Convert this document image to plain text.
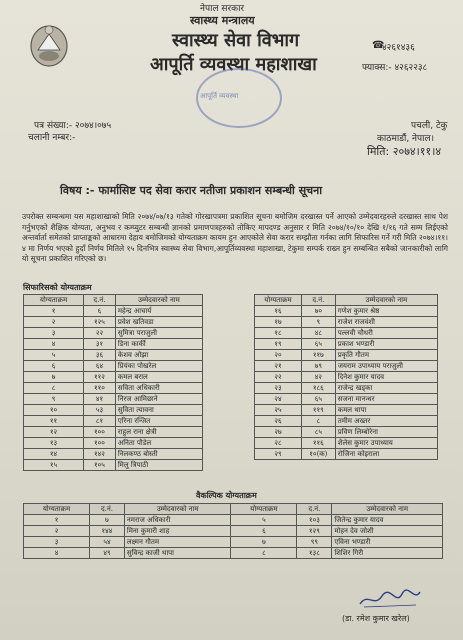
नेपाल सरकार
स्वास्थ्य मन्त्रालय
स्वास्थ्य सेवा विभाग
आपूर्ति व्यवस्था महाशाखा
आपूर्ति व्यवस्था
☎
४२६१४३६
फ्याक्स:- ४२६२२३८
पत्र संख्या:- २०७४।०७५
चलानी नम्बर:-
पचली, टेकु
काठमाडौं, नेपाल।
मिति: २०७४।११।४
विषय :- फार्मासिष्ट पद सेवा करार नतीजा प्रकाशन सम्बन्धी सूचना
उपरोक्त सम्बन्धमा यस महाशाखाको मिति २०७४/०७/१३ गतेको गोरखापत्रमा प्रकाशित सूचना बमोजिम दरखास्त पर्ने आएको उम्मेदवारहरुले दरखास्त साथ पेश गर्नुभएको शैक्षिक योग्यता, अनुभव र कम्प्युटर सम्बन्धी ज्ञानको प्रमाणपत्रहरुको तोकिए मापदण्ड अनुसार र मिति २०७४/१०/१० देखि १/१६ गते सम्म लिईएको अन्तर्वार्ता समेतको प्राप्ताङ्कको आधारमा देहाय बमोजिमको योग्यताक्रम कायम हुन आएकोले सेवा करार सम्झौता गर्नका लागि सिफारिस गर्ने गरी मिति २०७४।११।४ मा निर्णय भएको हुदाँ निर्णय मितिले १५ दिनभित्र स्वास्थ्य सेवा विभाग,आपूर्तिव्यवस्था महाशाखा, टेकुमा सम्पर्क राख्न हुन सम्बन्धित सबैको जानकारीको लागि यो सूचना प्रकाशित गरिएको छ।
सिफारिसको योग्यताक्रम
योग्यताक्रम	द.नं.	उम्मेदवारको नाम
१	६	महेन्द्र आचार्य
२	१२५	प्रवेश खतिवडा
३	२२	सुमित्रा पराजुली
४	३१	डिना कार्की
५	३६	केशव ओझा
६	६४	प्रियंका पोखरेल
७	११२	कमल बराल
८	११०	सविता अधिकारी
९	४१	निरज आमिछाने
१०	५३	सुविता त्यावना
११	८१	एरिना रन्जित
१२	१००	राहुल राना क्षेत्री
१३	१००	अनिता पौडेल
१४	१४२	निलकण्ठ बोस्ती
१५	१०५	मिलु त्रिपाठी
योग्यताक्रम	द.नं.	उम्मेदवारको नाम
१६	७०	गणेश कुमार श्रेष्ठ
१७	९	राजेश राजवंशी
१८	४८	पल्लवी चौधरी
१९	६५	प्रकाश भण्डारी
२०	११७	प्रकृति गौतम
२१	७९	जयराम उपाध्याय पराजुली
२२	४२	दिनेश कुमार यादव
२३	१८६	राजेन्द्र खड्का
२४	६५	सजना मानन्धर
२५	११९	कमल थापा
२६	८	तमीम अख्तर
२७	८५	प्रविण लिम्बोरेना
२८	११६	शैलेस कुमार उपाध्याय
२९	१०(क)	रोजिना कोइराला
वैकल्पिक योग्यताक्रम
योग्यताक्रम	द.नं.	उम्मेदवारको नाम	योग्यताक्रम	द.नं.	उम्मेदवारको नाम
१	७	नमराज अधिकारी	५	१०३	जितेन्द्र कुमार यादव
२	१४४	मिना कुमारी शाह	६	१२९	मोहन देव जोशी
३	५४	लक्ष्मन गौतम	७	९९	एविना भण्डारी
४	४९	सुविन्द्र काजी थापा	८	१३८	शिशिर गिरी
(डा. रमेश कुमार खरेल)
